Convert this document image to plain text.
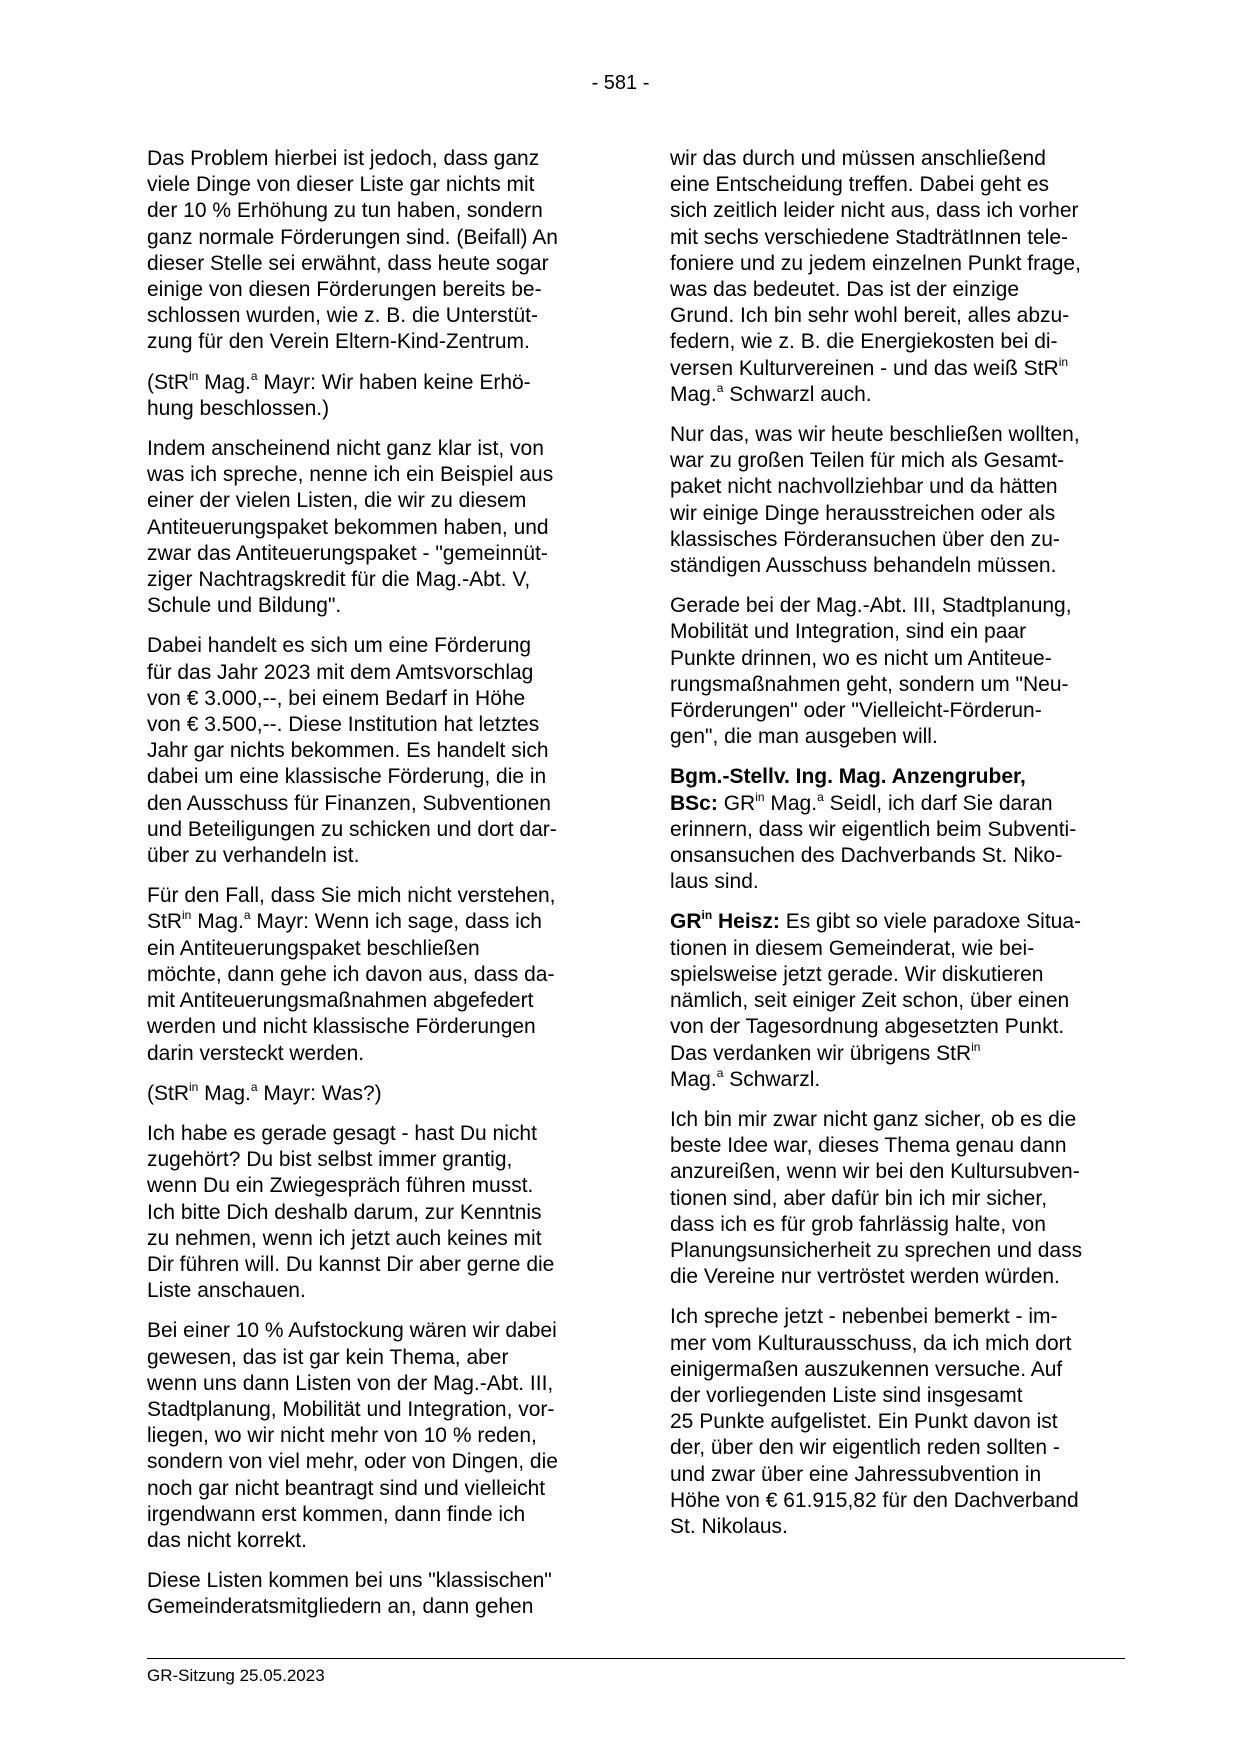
- 581 -

Das Problem hierbei ist jedoch, dass ganz
viele Dinge von dieser Liste gar nichts mit
der 10 % Erhöhung zu tun haben, sondern
ganz normale Förderungen sind. (Beifall) An
dieser Stelle sei erwähnt, dass heute sogar
einige von diesen Förderungen bereits be-
schlossen wurden, wie z. B. die Unterstüt-
zung für den Verein Eltern-Kind-Zentrum.

(StR$^{in}$ Mag.$^a$ Mayr: Wir haben keine Erhö-
hung beschlossen.)

Indem anscheinend nicht ganz klar ist, von
was ich spreche, nenne ich ein Beispiel aus
einer der vielen Listen, die wir zu diesem
Antiteuerungspaket bekommen haben, und
zwar das Antiteuerungspaket - "gemeinnüt-
ziger Nachtragskredit für die Mag.-Abt. V,
Schule und Bildung".

Dabei handelt es sich um eine Förderung
für das Jahr 2023 mit dem Amtsvorschlag
von € 3.000,--, bei einem Bedarf in Höhe
von € 3.500,--. Diese Institution hat letztes
Jahr gar nichts bekommen. Es handelt sich
dabei um eine klassische Förderung, die in
den Ausschuss für Finanzen, Subventionen
und Beteiligungen zu schicken und dort dar-
über zu verhandeln ist.

Für den Fall, dass Sie mich nicht verstehen,
StR$^{in}$ Mag.$^a$ Mayr: Wenn ich sage, dass ich
ein Antiteuerungspaket beschließen
möchte, dann gehe ich davon aus, dass da-
mit Antiteuerungsmaßnahmen abgefedert
werden und nicht klassische Förderungen
darin versteckt werden.

(StR$^{in}$ Mag.$^a$ Mayr: Was?)

Ich habe es gerade gesagt - hast Du nicht
zugehört? Du bist selbst immer grantig,
wenn Du ein Zwiegespräch führen musst.
Ich bitte Dich deshalb darum, zur Kenntnis
zu nehmen, wenn ich jetzt auch keines mit
Dir führen will. Du kannst Dir aber gerne die
Liste anschauen.

Bei einer 10 % Aufstockung wären wir dabei
gewesen, das ist gar kein Thema, aber
wenn uns dann Listen von der Mag.-Abt. III,
Stadtplanung, Mobilität und Integration, vor-
liegen, wo wir nicht mehr von 10 % reden,
sondern von viel mehr, oder von Dingen, die
noch gar nicht beantragt sind und vielleicht
irgendwann erst kommen, dann finde ich
das nicht korrekt.

Diese Listen kommen bei uns "klassischen"
Gemeinderatsmitgliedern an, dann gehen

wir das durch und müssen anschließend
eine Entscheidung treffen. Dabei geht es
sich zeitlich leider nicht aus, dass ich vorher
mit sechs verschiedene StadträtInnen tele-
foniere und zu jedem einzelnen Punkt frage,
was das bedeutet. Das ist der einzige
Grund. Ich bin sehr wohl bereit, alles abzu-
federn, wie z. B. die Energiekosten bei di-
versen Kulturvereinen - und das weiß StR$^{in}$
Mag.$^a$ Schwarzl auch.

Nur das, was wir heute beschließen wollten,
war zu großen Teilen für mich als Gesamt-
paket nicht nachvollziehbar und da hätten
wir einige Dinge herausstreichen oder als
klassisches Förderansuchen über den zu-
ständigen Ausschuss behandeln müssen.

Gerade bei der Mag.-Abt. III, Stadtplanung,
Mobilität und Integration, sind ein paar
Punkte drinnen, wo es nicht um Antiteue-
rungsmaßnahmen geht, sondern um "Neu-
Förderungen" oder "Vielleicht-Förderun-
gen", die man ausgeben will.

Bgm.-Stellv. Ing. Mag. Anzengruber,
BSc: $GR^{in}$ Mag.$^a$ Seidl, ich darf Sie daran
erinnern, dass wir eigentlich beim Subventi-
onsansuchen des Dachverbands St. Niko-
laus sind.

$GR^{in}$ Heisz: Es gibt so viele paradoxe Situa-
tionen in diesem Gemeinderat, wie bei-
spielsweise jetzt gerade. Wir diskutieren
nämlich, seit einiger Zeit schon, über einen
von der Tagesordnung abgesetzten Punkt.
Das verdanken wir übrigens StR$^{in}$
Mag.$^a$ Schwarzl.

Ich bin mir zwar nicht ganz sicher, ob es die
beste Idee war, dieses Thema genau dann
anzureißen, wenn wir bei den Kultursubven-
tionen sind, aber dafür bin ich mir sicher,
dass ich es für grob fahrlässig halte, von
Planungsunsicherheit zu sprechen und dass
die Vereine nur vertröstet werden würden.

Ich spreche jetzt - nebenbei bemerkt - im-
mer vom Kulturausschuss, da ich mich dort
einigermaßen auszukennen versuche. Auf
der vorliegenden Liste sind insgesamt
25 Punkte aufgelistet. Ein Punkt davon ist
der, über den wir eigentlich reden sollten -
und zwar über eine Jahressubvention in
Höhe von € 61.915,82 für den Dachverband
St. Nikolaus.

GR-Sitzung 25.05.2023
